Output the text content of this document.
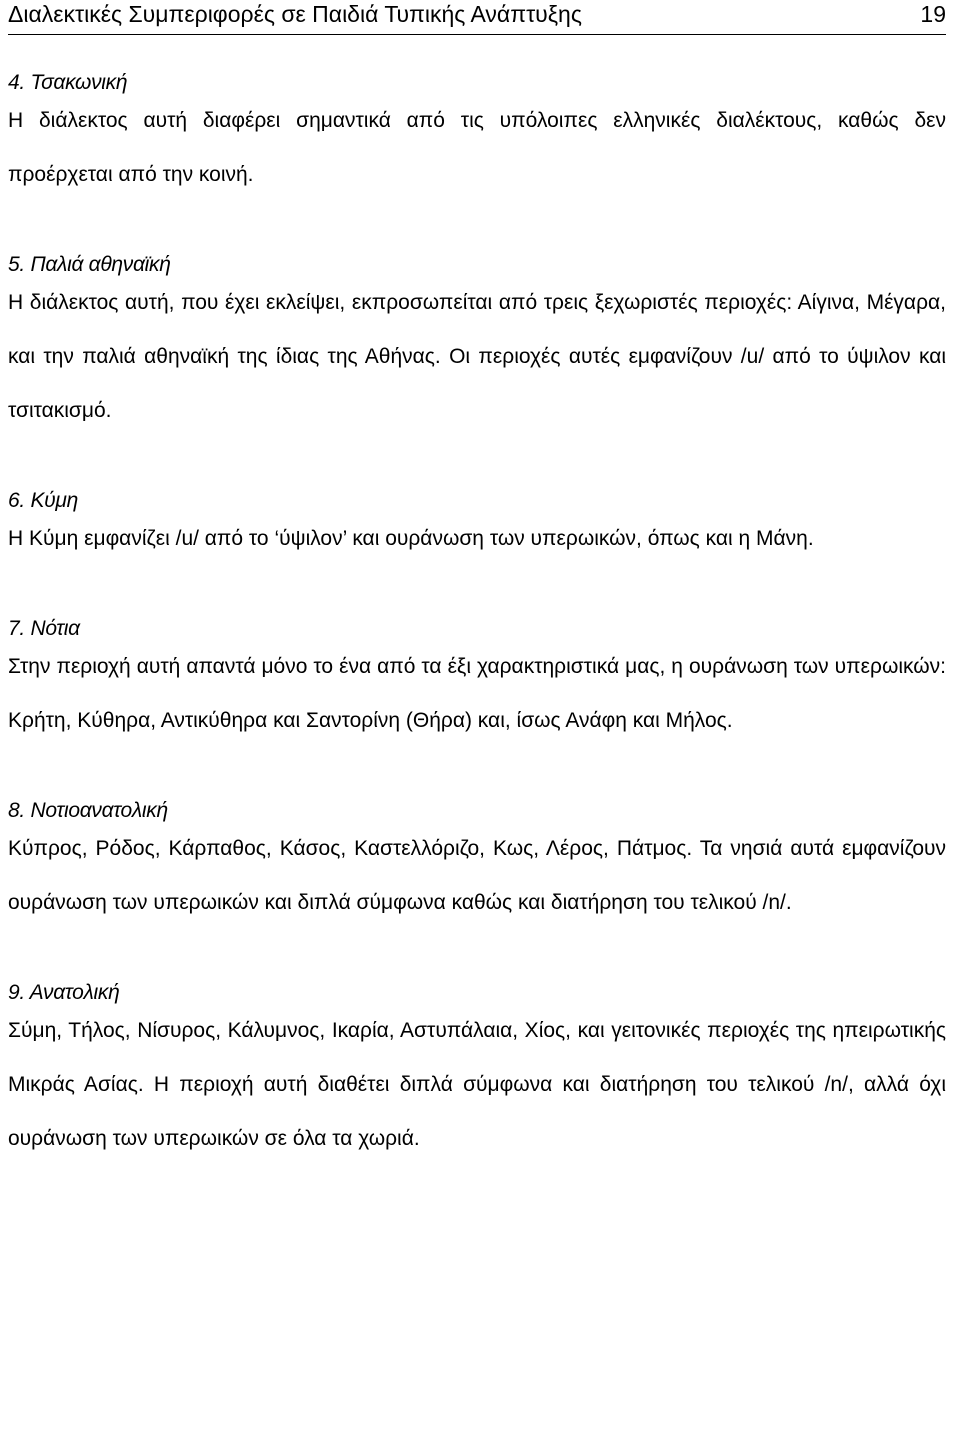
Διαλεκτικές Συμπεριφορές σε Παιδιά Τυπικής Ανάπτυξης	19
4. Τσακωνική

Η διάλεκτος αυτή διαφέρει σημαντικά από τις υπόλοιπες ελληνικές διαλέκτους, καθώς δεν προέρχεται από την κοινή.

5. Παλιά αθηναϊκή

Η διάλεκτος αυτή, που έχει εκλείψει, εκπροσωπείται από τρεις ξεχωριστές περιοχές: Αίγινα, Μέγαρα, και την παλιά αθηναϊκή της ίδιας της Αθήνας. Οι περιοχές αυτές εμφανίζουν /u/ από το ύψιλον και τσιτακισμό.

6. Κύμη

Η Κύμη εμφανίζει /u/ από το ‘ύψιλον’ και ουράνωση των υπερωικών, όπως και η Μάνη.

7. Νότια

Στην περιοχή αυτή απαντά μόνο το ένα από τα έξι χαρακτηριστικά μας, η ουράνωση των υπερωικών: Κρήτη, Κύθηρα, Αντικύθηρα και Σαντορίνη (Θήρα) και, ίσως Ανάφη και Μήλος.

8. Νοτιοανατολική

Κύπρος, Ρόδος, Κάρπαθος, Κάσος, Καστελλόριζο, Κως, Λέρος, Πάτμος. Τα νησιά αυτά εμφανίζουν ουράνωση των υπερωικών και διπλά σύμφωνα καθώς και διατήρηση του τελικού /n/.

9. Ανατολική

Σύμη, Τήλος, Νίσυρος, Κάλυμνος, Ικαρία, Αστυπάλαια, Χίος, και γειτονικές περιοχές της ηπειρωτικής Μικράς Ασίας. Η περιοχή αυτή διαθέτει διπλά σύμφωνα και διατήρηση του τελικού /n/, αλλά όχι ουράνωση των υπερωικών σε όλα τα χωριά.
